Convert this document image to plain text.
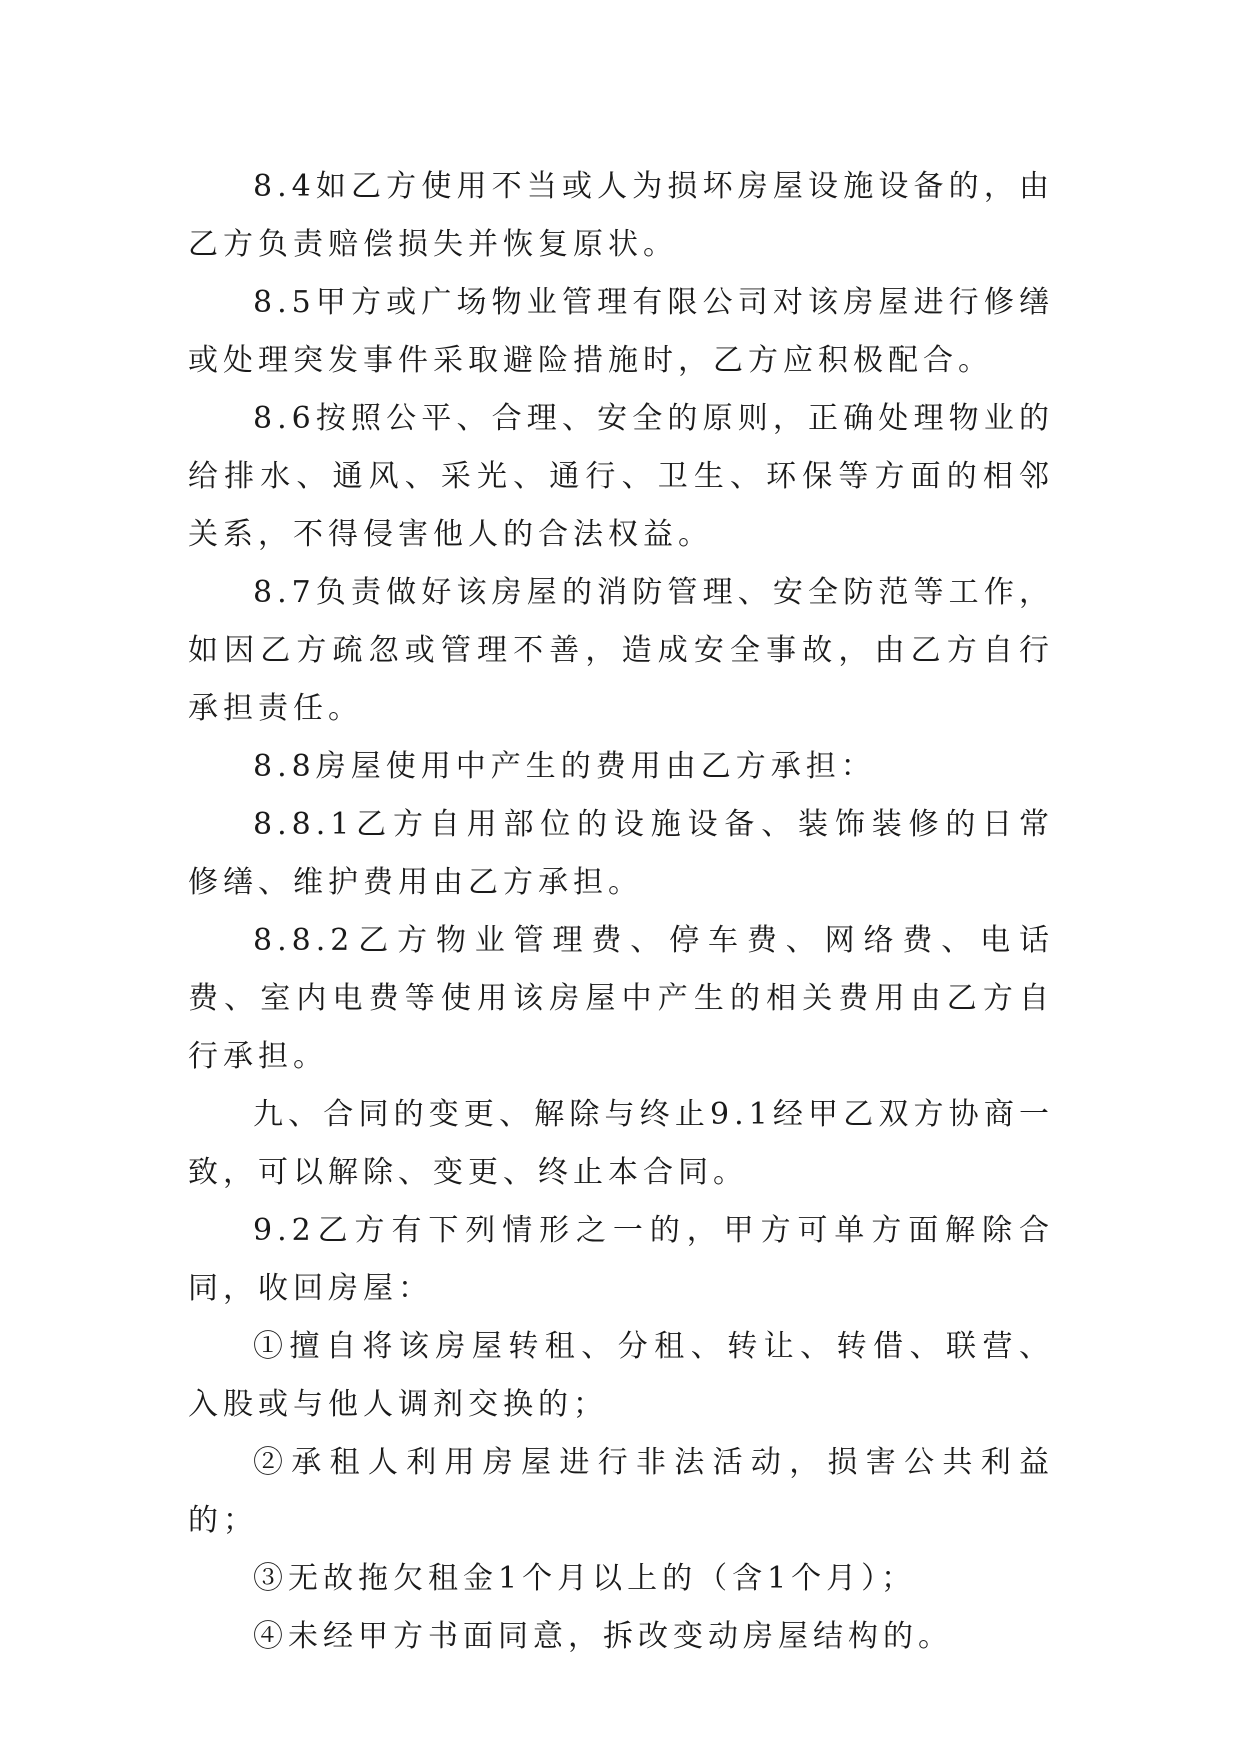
8.4如乙方使用不当或人为损坏房屋设施设备的，由乙方负责赔偿损失并恢复原状。

8.5甲方或广场物业管理有限公司对该房屋进行修缮或处理突发事件采取避险措施时，乙方应积极配合。

8.6按照公平、合理、安全的原则，正确处理物业的给排水、通风、采光、通行、卫生、环保等方面的相邻关系，不得侵害他人的合法权益。

8.7负责做好该房屋的消防管理、安全防范等工作，如因乙方疏忽或管理不善，造成安全事故，由乙方自行承担责任。

8.8房屋使用中产生的费用由乙方承担：

8.8.1乙方自用部位的设施设备、装饰装修的日常修缮、维护费用由乙方承担。

8.8.2乙方物业管理费、停车费、网络费、电话费、室内电费等使用该房屋中产生的相关费用由乙方自行承担。

九、合同的变更、解除与终止9.1经甲乙双方协商一致，可以解除、变更、终止本合同。

9.2乙方有下列情形之一的，甲方可单方面解除合同，收回房屋：

①擅自将该房屋转租、分租、转让、转借、联营、入股或与他人调剂交换的；

②承租人利用房屋进行非法活动，损害公共利益的；

③无故拖欠租金1个月以上的（含1个月）；

④未经甲方书面同意，拆改变动房屋结构的。
